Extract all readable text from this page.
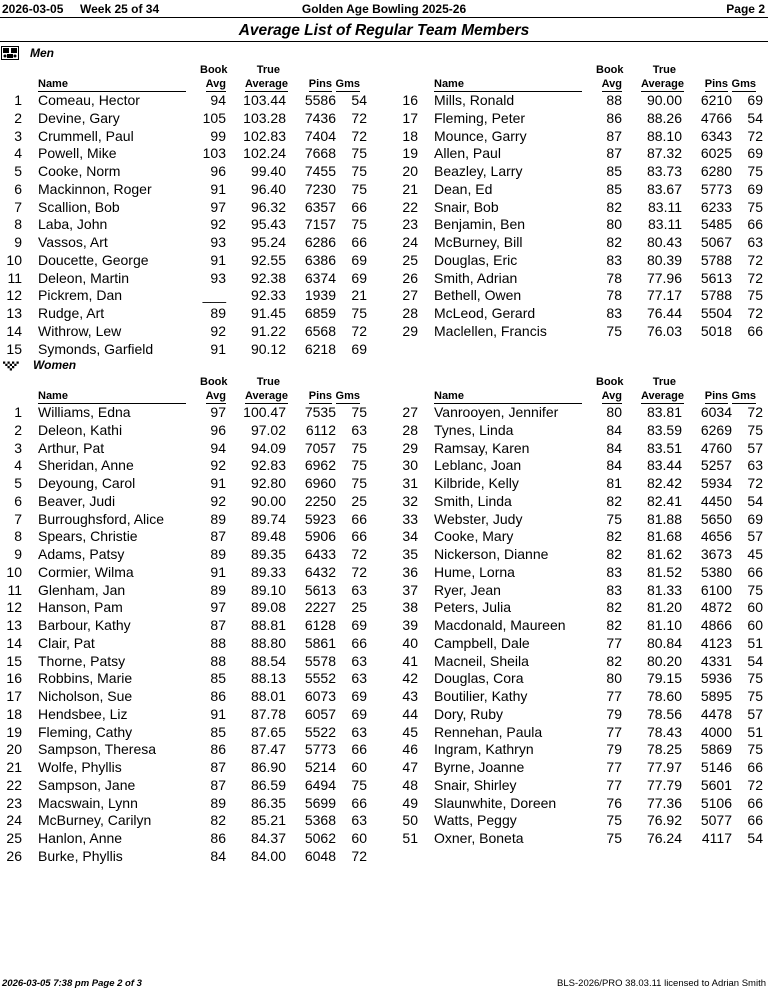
2026-03-05 Week 25 of 34	Golden Age Bowling 2025-26	Page 2
Average List of Regular Team Members
Men
Book
Avg
True
Average
Name	Pins Gms
1 Comeau, Hector	94	103.44	5586	54
2 Devine, Gary	105	103.28	7436	72
3 Crummell, Paul	99	102.83	7404	72
4 Powell, Mike	103	102.24	7668	75
5 Cooke, Norm	96	99.40	7455	75
6 Mackinnon, Roger	91	96.40	7230	75
7 Scallion, Bob	97	96.32	6357	66
8 Laba, John	92	95.43	7157	75
9 Vassos, Art	93	95.24	6286	66
10 Doucette, George	91	92.55	6386	69
11 Deleon, Martin	93	92.38	6374	69
12 Pickrem, Dan	___	92.33	1939	21
13 Rudge, Art	89	91.45	6859	75
14 Withrow, Lew	92	91.22	6568	72
15 Symonds, Garfield	91	90.12	6218	69
Book
Avg
True
Average
Name	Pins Gms
16 Mills, Ronald	88	90.00	6210	69
17 Fleming, Peter	86	88.26	4766	54
18 Mounce, Garry	87	88.10	6343	72
19 Allen, Paul	87	87.32	6025	69
20 Beazley, Larry	85	83.73	6280	75
21 Dean, Ed	85	83.67	5773	69
22 Snair, Bob	82	83.11	6233	75
23 Benjamin, Ben	80	83.11	5485	66
24 McBurney, Bill	82	80.43	5067	63
25 Douglas, Eric	83	80.39	5788	72
26 Smith, Adrian	78	77.96	5613	72
27 Bethell, Owen	78	77.17	5788	75
28 McLeod, Gerard	83	76.44	5504	72
29 Maclellen, Francis	75	76.03	5018	66
Women
Book
Avg
True
Average
Name	Pins Gms
1 Williams, Edna	97	100.47	7535	75
2 Deleon, Kathi	96	97.02	6112	63
3 Arthur, Pat	94	94.09	7057	75
4 Sheridan, Anne	92	92.83	6962	75
5 Deyoung, Carol	91	92.80	6960	75
6 Beaver, Judi	92	90.00	2250	25
7 Burroughsford, Alice	89	89.74	5923	66
8 Spears, Christie	87	89.48	5906	66
9 Adams, Patsy	89	89.35	6433	72
10 Cormier, Wilma	91	89.33	6432	72
11 Glenham, Jan	89	89.10	5613	63
12 Hanson, Pam	97	89.08	2227	25
13 Barbour, Kathy	87	88.81	6128	69
14 Clair, Pat	88	88.80	5861	66
15 Thorne, Patsy	88	88.54	5578	63
16 Robbins, Marie	85	88.13	5552	63
17 Nicholson, Sue	86	88.01	6073	69
18 Hendsbee, Liz	91	87.78	6057	69
19 Fleming, Cathy	85	87.65	5522	63
20 Sampson, Theresa	86	87.47	5773	66
21 Wolfe, Phyllis	87	86.90	5214	60
22 Sampson, Jane	87	86.59	6494	75
23 Macswain, Lynn	89	86.35	5699	66
24 McBurney, Carilyn	82	85.21	5368	63
25 Hanlon, Anne	86	84.37	5062	60
26 Burke, Phyllis	84	84.00	6048	72
Book
Avg
True
Average
Name	Pins Gms
27 Vanrooyen, Jennifer	80	83.81	6034	72
28 Tynes, Linda	84	83.59	6269	75
29 Ramsay, Karen	84	83.51	4760	57
30 Leblanc, Joan	84	83.44	5257	63
31 Kilbride, Kelly	81	82.42	5934	72
32 Smith, Linda	82	82.41	4450	54
33 Webster, Judy	75	81.88	5650	69
34 Cooke, Mary	82	81.68	4656	57
35 Nickerson, Dianne	82	81.62	3673	45
36 Hume, Lorna	83	81.52	5380	66
37 Ryer, Jean	83	81.33	6100	75
38 Peters, Julia	82	81.20	4872	60
39 Macdonald, Maureen	82	81.10	4866	60
40 Campbell, Dale	77	80.84	4123	51
41 Macneil, Sheila	82	80.20	4331	54
42 Douglas, Cora	80	79.15	5936	75
43 Boutilier, Kathy	77	78.60	5895	75
44 Dory, Ruby	79	78.56	4478	57
45 Rennehan, Paula	77	78.43	4000	51
46 Ingram, Kathryn	79	78.25	5869	75
47 Byrne, Joanne	77	77.97	5146	66
48 Snair, Shirley	77	77.79	5601	72
49 Slaunwhite, Doreen	76	77.36	5106	66
50 Watts, Peggy	75	76.92	5077	66
51 Oxner, Boneta	75	76.24	4117	54
2026-03-05 7:38 pm Page 2 of 3	BLS-2026/PRO 38.03.11 licensed to Adrian Smith
